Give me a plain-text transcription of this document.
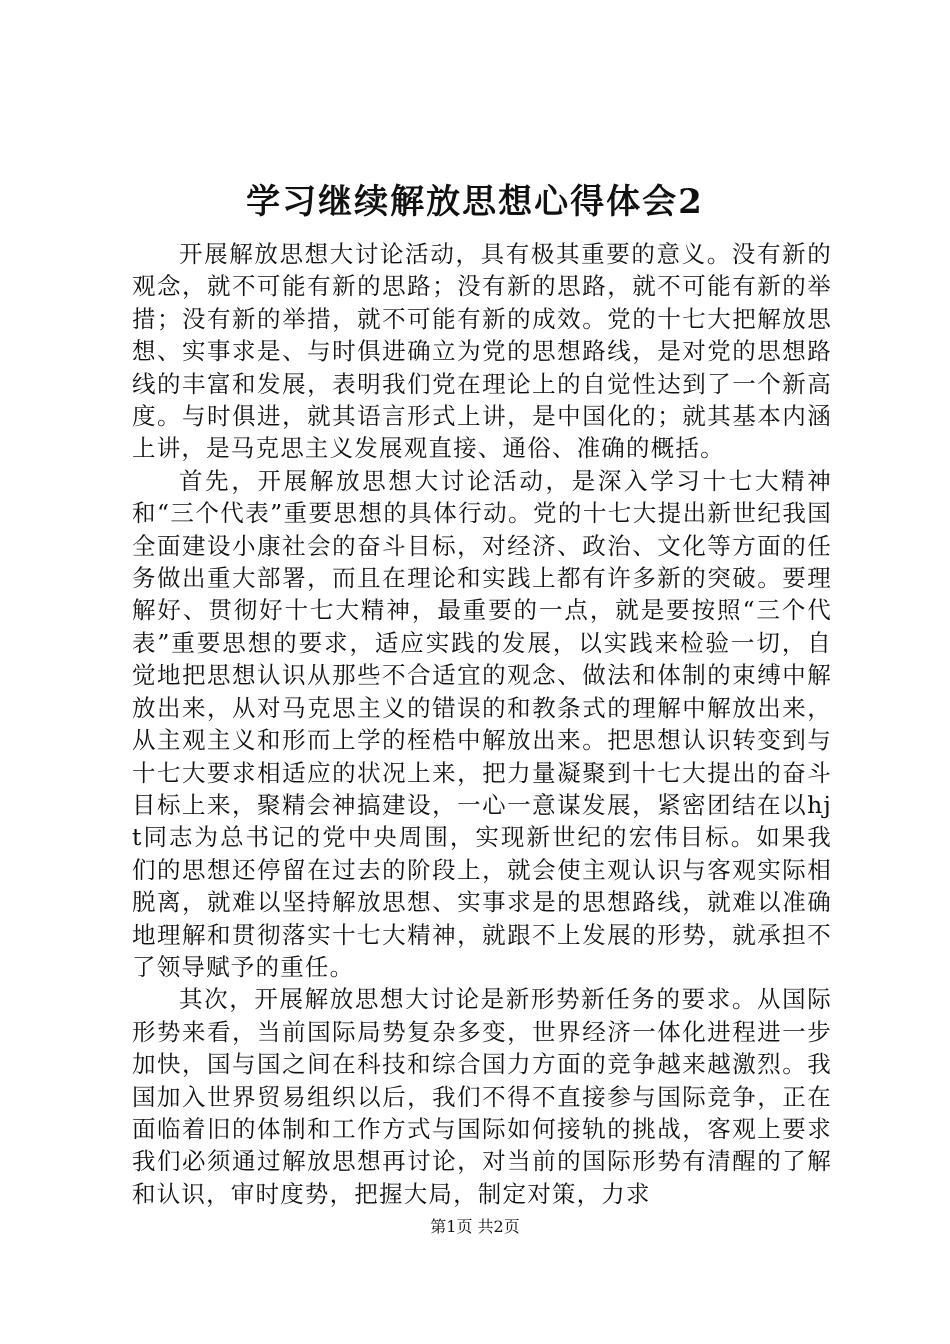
学习继续解放思想心得体会2

开展解放思想大讨论活动，具有极其重要的意义。没有新的观念，就不可能有新的思路；没有新的思路，就不可能有新的举措；没有新的举措，就不可能有新的成效。党的十七大把解放思想、实事求是、与时俱进确立为党的思想路线，是对党的思想路线的丰富和发展，表明我们党在理论上的自觉性达到了一个新高度。与时俱进，就其语言形式上讲，是中国化的；就其基本内涵上讲，是马克思主义发展观直接、通俗、准确的概括。

首先，开展解放思想大讨论活动，是深入学习十七大精神和“三个代表”重要思想的具体行动。党的十七大提出新世纪我国全面建设小康社会的奋斗目标，对经济、政治、文化等方面的任务做出重大部署，而且在理论和实践上都有许多新的突破。要理解好、贯彻好十七大精神，最重要的一点，就是要按照“三个代表”重要思想的要求，适应实践的发展，以实践来检验一切，自觉地把思想认识从那些不合适宜的观念、做法和体制的束缚中解放出来，从对马克思主义的错误的和教条式的理解中解放出来，从主观主义和形而上学的桎梏中解放出来。把思想认识转变到与十七大要求相适应的状况上来，把力量凝聚到十七大提出的奋斗目标上来，聚精会神搞建设，一心一意谋发展，紧密团结在以hjt同志为总书记的党中央周围，实现新世纪的宏伟目标。如果我们的思想还停留在过去的阶段上，就会使主观认识与客观实际相脱离，就难以坚持解放思想、实事求是的思想路线，就难以准确地理解和贯彻落实十七大精神，就跟不上发展的形势，就承担不了领导赋予的重任。

其次，开展解放思想大讨论是新形势新任务的要求。从国际形势来看，当前国际局势复杂多变，世界经济一体化进程进一步加快，国与国之间在科技和综合国力方面的竞争越来越激烈。我国加入世界贸易组织以后，我们不得不直接参与国际竞争，正在面临着旧的体制和工作方式与国际如何接轨的挑战，客观上要求我们必须通过解放思想再讨论，对当前的国际形势有清醒的了解和认识，审时度势，把握大局，制定对策，力求

第1页 共2页
